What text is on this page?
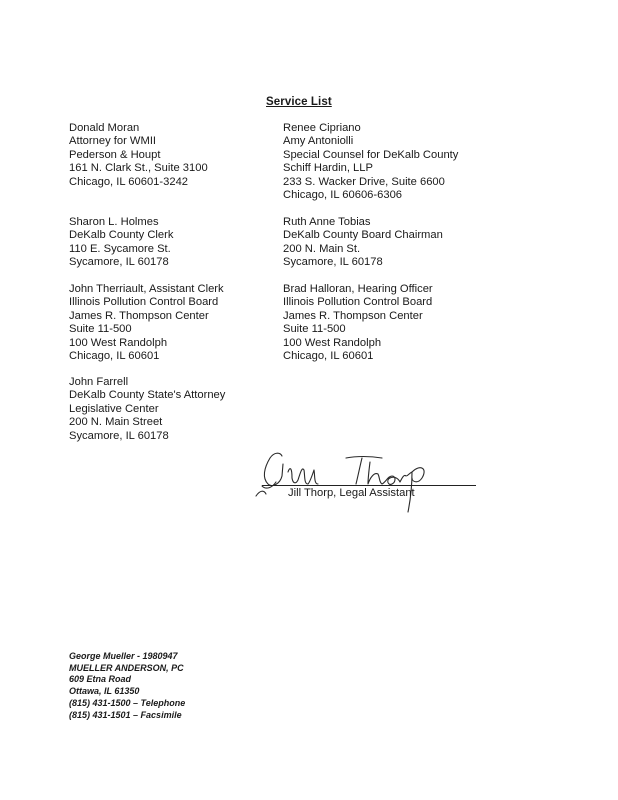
Service List
Donald Moran
Attorney for WMII
Pederson & Houpt
161 N. Clark St., Suite 3100
Chicago, IL 60601-3242
Sharon L. Holmes
DeKalb County Clerk
110 E. Sycamore St.
Sycamore, IL 60178
John Therriault, Assistant Clerk
Illinois Pollution Control Board
James R. Thompson Center
Suite 11-500
100 West Randolph
Chicago, IL 60601
John Farrell
DeKalb County State's Attorney
Legislative Center
200 N. Main Street
Sycamore, IL 60178
Renee Cipriano
Amy Antoniolli
Special Counsel for DeKalb County
Schiff Hardin, LLP
233 S. Wacker Drive, Suite 6600
Chicago, IL 60606-6306
Ruth Anne Tobias
DeKalb County Board Chairman
200 N. Main St.
Sycamore, IL 60178
Brad Halloran, Hearing Officer
Illinois Pollution Control Board
James R. Thompson Center
Suite 11-500
100 West Randolph
Chicago, IL 60601
Jill Thorp, Legal Assistant
George Mueller - 1980947
MUELLER ANDERSON, PC
609 Etna Road
Ottawa, IL 61350
(815) 431-1500 – Telephone
(815) 431-1501 – Facsimile
